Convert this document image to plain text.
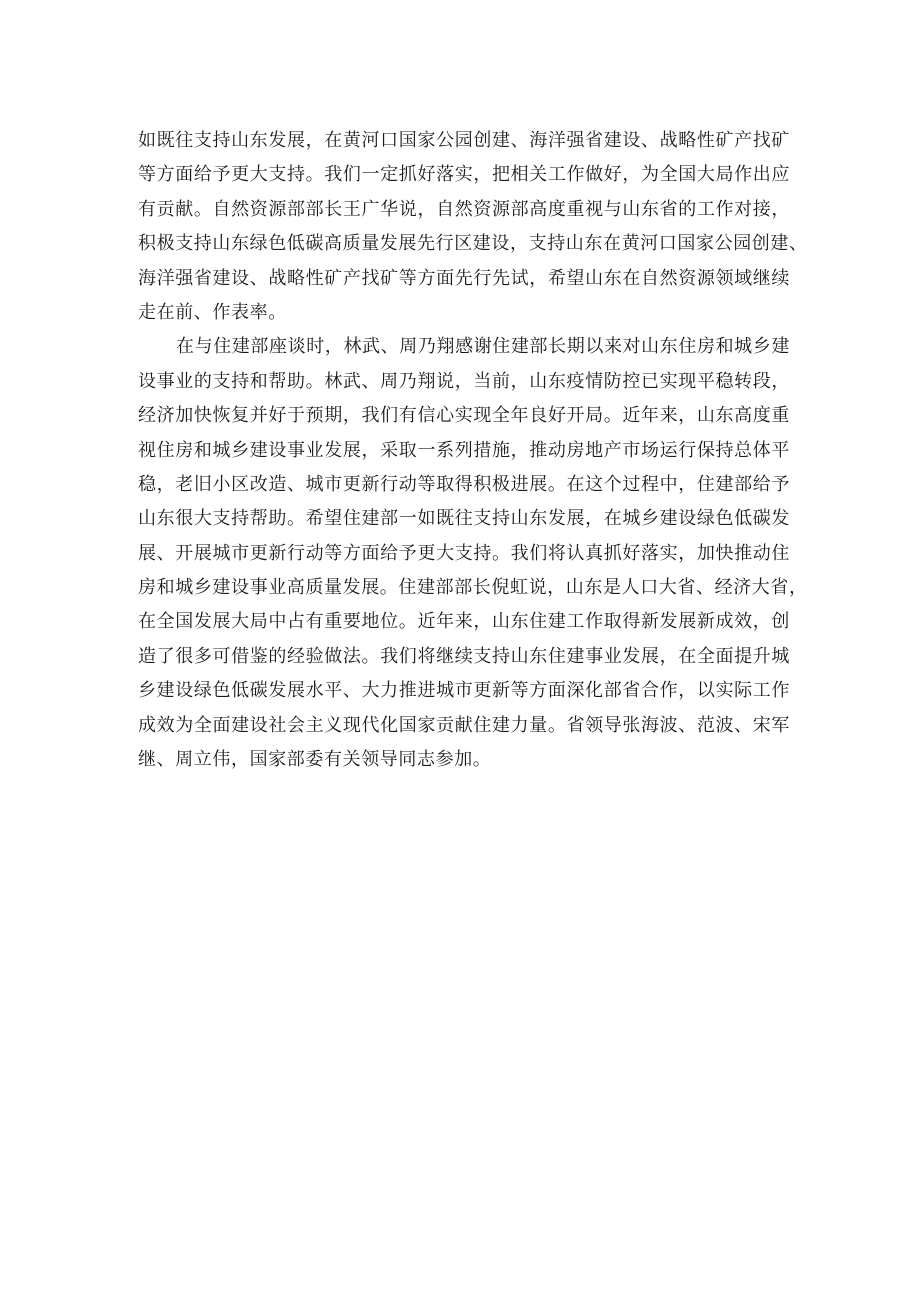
如既往支持山东发展，在黄河口国家公园创建、海洋强省建设、战略性矿产找矿
等方面给予更大支持。我们一定抓好落实，把相关工作做好，为全国大局作出应
有贡献。自然资源部部长王广华说，自然资源部高度重视与山东省的工作对接，
积极支持山东绿色低碳高质量发展先行区建设，支持山东在黄河口国家公园创建、
海洋强省建设、战略性矿产找矿等方面先行先试，希望山东在自然资源领域继续
走在前、作表率。
在与住建部座谈时，林武、周乃翔感谢住建部长期以来对山东住房和城乡建
设事业的支持和帮助。林武、周乃翔说，当前，山东疫情防控已实现平稳转段，
经济加快恢复并好于预期，我们有信心实现全年良好开局。近年来，山东高度重
视住房和城乡建设事业发展，采取一系列措施，推动房地产市场运行保持总体平
稳，老旧小区改造、城市更新行动等取得积极进展。在这个过程中，住建部给予
山东很大支持帮助。希望住建部一如既往支持山东发展，在城乡建设绿色低碳发
展、开展城市更新行动等方面给予更大支持。我们将认真抓好落实，加快推动住
房和城乡建设事业高质量发展。住建部部长倪虹说，山东是人口大省、经济大省，
在全国发展大局中占有重要地位。近年来，山东住建工作取得新发展新成效，创
造了很多可借鉴的经验做法。我们将继续支持山东住建事业发展，在全面提升城
乡建设绿色低碳发展水平、大力推进城市更新等方面深化部省合作，以实际工作
成效为全面建设社会主义现代化国家贡献住建力量。省领导张海波、范波、宋军
继、周立伟，国家部委有关领导同志参加。
